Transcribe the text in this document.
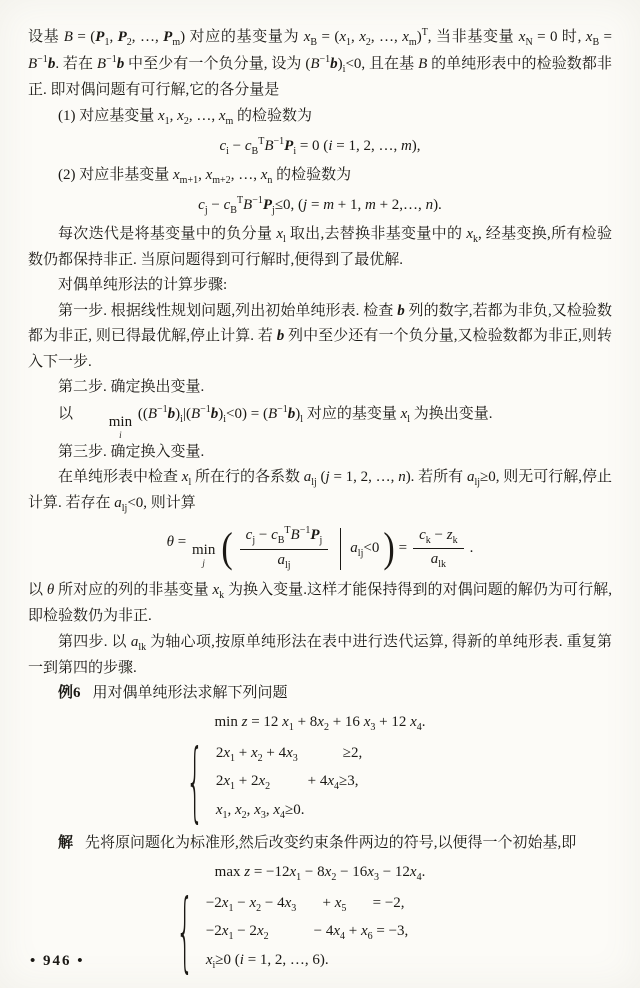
设基 $B = (P_1$, $P_2$, …, $P_m$) 对应的基变量为 $x_B = (x_1$, $x_2$, …, $x_m)^T$, 当非基变量 $x_N = 0$ 时, $x_B = B^{-1}b$. 若在 $B^{-1}b$ 中至少有一个负分量, 设为 $(B^{-1}b)_i<0$, 且在基 B 的单纯形表中的检验数都非正. 即对偶问题有可行解,它的各分量是

(1) 对应基变量 $x_1$, $x_2$, …, $x_m$ 的检验数为

$c_i - c_B^TB^{-1}P_i = 0$ (i = 1, 2, …, m),

(2) 对应非基变量 $x_{m+1}$, $x_{m+2}$, …, $x_n$ 的检验数为

$c_j - c_B^TB^{-1}P_j\le 0$, (j = m + 1, m + 2,…, n).

每次迭代是将基变量中的负分量 $x_l$ 取出,去替换非基变量中的 $x_k$, 经基变换,所有检验数仍都保持非正. 当原问题得到可行解时,便得到了最优解.

对偶单纯形法的计算步骤:

第一步. 根据线性规划问题,列出初始单纯形表. 检查 b 列的数字,若都为非负,又检验数都为非正, 则已得最优解,停止计算. 若 b 列中至少还有一个负分量,又检验数都为非正,则转入下一步.

第二步. 确定换出变量.

以 min
i
$((B^{-1}b)_i|(B^{-1}b)_i<0) = (B^{-1}b)_l$ 对应的基变量 $x_l$ 为换出变量.

第三步. 确定换入变量.

在单纯形表中检查 $x_l$ 所在行的各系数 $a_{lj}$ (j = 1, 2, …, n). 若所有 $a_{lj}\ge 0$, 则无可行解,停止计算. 若存在 $a_{lj}<0$, 则计算

θ = min
j ( $\frac{c_j - c_B^TB^{-1}P_j}{a_{lj}} a_{lj}<0$ ) = $\frac{c_k - z_k}{a_{lk}}$ .

以 θ 所对应的列的非基变量 $x_k$ 为换入变量.这样才能保持得到的对偶问题的解仍为可行解,即检验数仍为非正.

第四步. 以 $a_{lk}$ 为轴心项,按原单纯形法在表中进行迭代运算, 得新的单纯形表. 重复第一到第四的步骤.

例6 用对偶单纯形法求解下列问题

min z = 12 $x_1 + 8x_2 + 16$ $x_3 + 12$ $x_4$.

{ $2x_1 + x_2 + 4x_3$            ≥2,
$2x_1 + 2x_2$          + $4x_4\ge 3$,
$x_1$, $x_2$, $x_3$, $x_4\ge 0$.

解 先将原问题化为标准形,然后改变约束条件两边的符号,以便得一个初始基,即

$\max z = -12x_1 - 8x_2 - 16x_3 - 12x_4$.

{ $-2x_1 - x_2 - 4x_3$       + $x_5$       = −2,
$-2x_1 - 2x_2$            − $4x_4 + x_6 = -3$,
$x_i\ge 0$ (i = 1, 2, …, 6).
• 946 •
